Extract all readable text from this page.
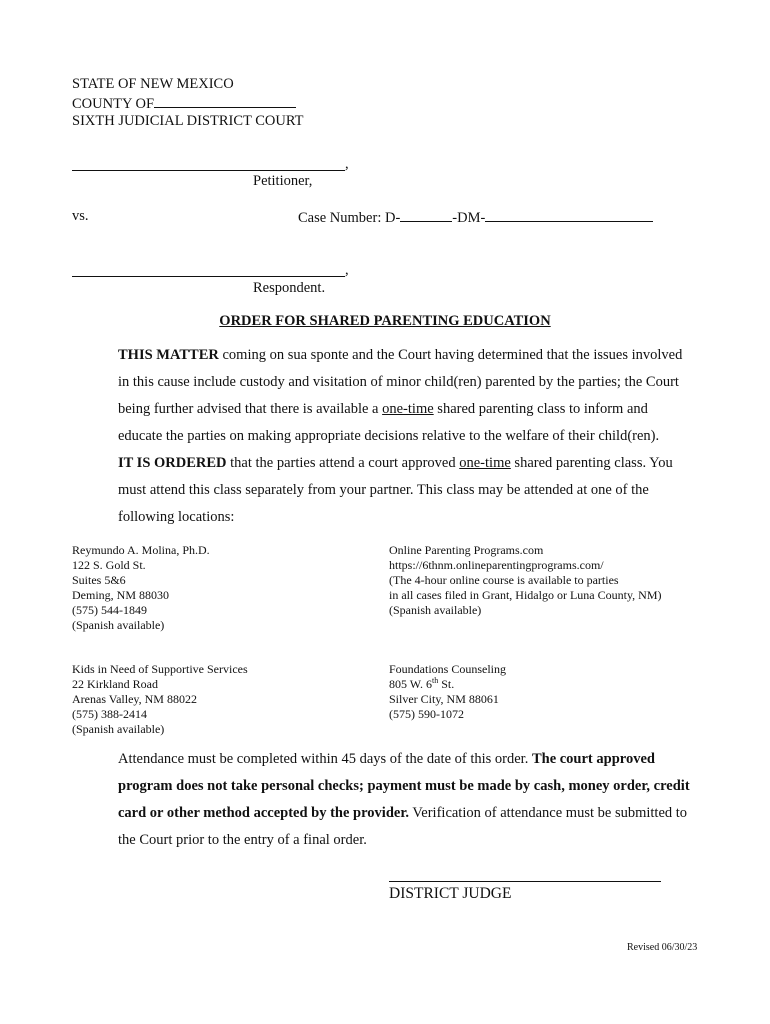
STATE OF NEW MEXICO
COUNTY OF
SIXTH JUDICIAL DISTRICT COURT
,
Petitioner,
vs.	Case Number: D-	-DM-
,
Respondent.
ORDER FOR SHARED PARENTING EDUCATION

THIS MATTER coming on sua sponte and the Court having determined that the issues involved in this cause include custody and visitation of minor child(ren) parented by the parties; the Court being further advised that there is available a one-time shared parenting class to inform and educate the parties on making appropriate decisions relative to the welfare of their child(ren).

IT IS ORDERED that the parties attend a court approved one-time shared parenting class. You must attend this class separately from your partner. This class may be attended at one of the following locations:

Reymundo A. Molina, Ph.D.
122 S. Gold St.
Suites 5&6
Deming, NM 88030
(575) 544-1849
(Spanish available)
Online Parenting Programs.com
https://6thnm.onlineparentingprograms.com/
(The 4-hour online course is available to parties
in all cases filed in Grant, Hidalgo or Luna County, NM)
(Spanish available)
Kids in Need of Supportive Services
22 Kirkland Road
Arenas Valley, NM 88022
(575) 388-2414
(Spanish available)
Foundations Counseling
805 W. 6th St.
Silver City, NM 88061
(575) 590-1072

Attendance must be completed within 45 days of the date of this order. The court approved program does not take personal checks; payment must be made by cash, money order, credit card or other method accepted by the provider. Verification of attendance must be submitted to the Court prior to the entry of a final order.

DISTRICT JUDGE
Revised 06/30/23
